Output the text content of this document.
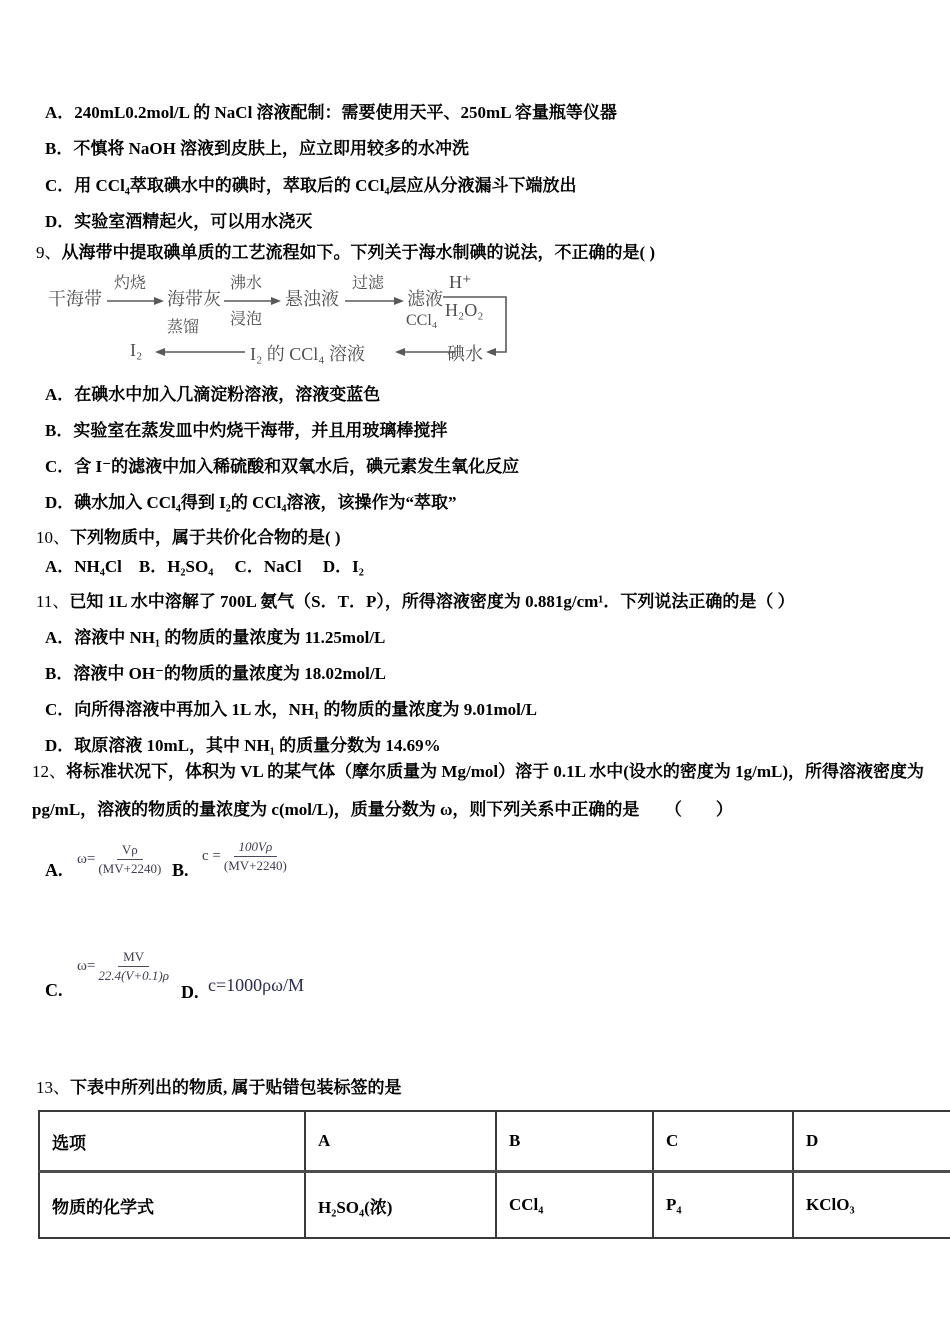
A．240mL0.2mol/L 的 NaCl 溶液配制：需要使用天平、250mL 容量瓶等仪器
B．不慎将 NaOH 溶液到皮肤上，应立即用较多的水冲洗
C．用 CCl₄萃取碘水中的碘时，萃取后的 CCl₄层应从分液漏斗下端放出
D．实验室酒精起火，可以用水浇灭
9、从海带中提取碘单质的工艺流程如下。下列关于海水制碘的说法，不正确的是( )
干海带
灼烧
海带灰
沸水
浸泡
悬浊液
过滤
滤液
H⁺
H₂O₂
碘水
CCl₄
I₂ 的 CCl₄ 溶液
蒸馏
I₂
A．在碘水中加入几滴淀粉溶液，溶液变蓝色
B．实验室在蒸发皿中灼烧干海带，并且用玻璃棒搅拌
C．含 I⁻的滤液中加入稀硫酸和双氧水后，碘元素发生氧化反应
D．碘水加入 CCl₄得到 I₂的 CCl₄溶液，该操作为“萃取”
10、下列物质中，属于共价化合物的是( )
A．NH₄Cl　B．H₂SO₄ 　C．NaCl　 D．I₂
11、已知 1L 水中溶解了 700L 氨气（S．T．P），所得溶液密度为 0.881g/cm¹．下列说法正确的是（ ）
A．溶液中 NH₁ 的物质的量浓度为 11.25mol/L
B．溶液中 OH⁻的物质的量浓度为 18.02mol/L
C．向所得溶液中再加入 1L 水，NH₁ 的物质的量浓度为 9.01mol/L
D．取原溶液 10mL，其中 NH₁ 的质量分数为 14.69%
12、将标准状况下，体积为 VL 的某气体（摩尔质量为 Mg/mol）溶于 0.1L 水中(设水的密度为 1g/mL)，所得溶液密度为
pg/mL，溶液的物质的量浓度为 c(mol/L)，质量分数为 ω，则下列关系中正确的是　　（　　）
A.
$\omega= \frac{V\rho}{(MV+2240)} B$.
$c = \frac{100V\rho}{(MV+2240)}$
C.
$\omega= \frac{MV}{22.4(V+0.1)\rho}$
D. c=1000ρω/M
13、下表中所列出的物质, 属于贴错包装标签的是
选项	A	B	C	D
物质的化学式	H₂SO₄(浓)	CCl₄	P₄	KClO₃
